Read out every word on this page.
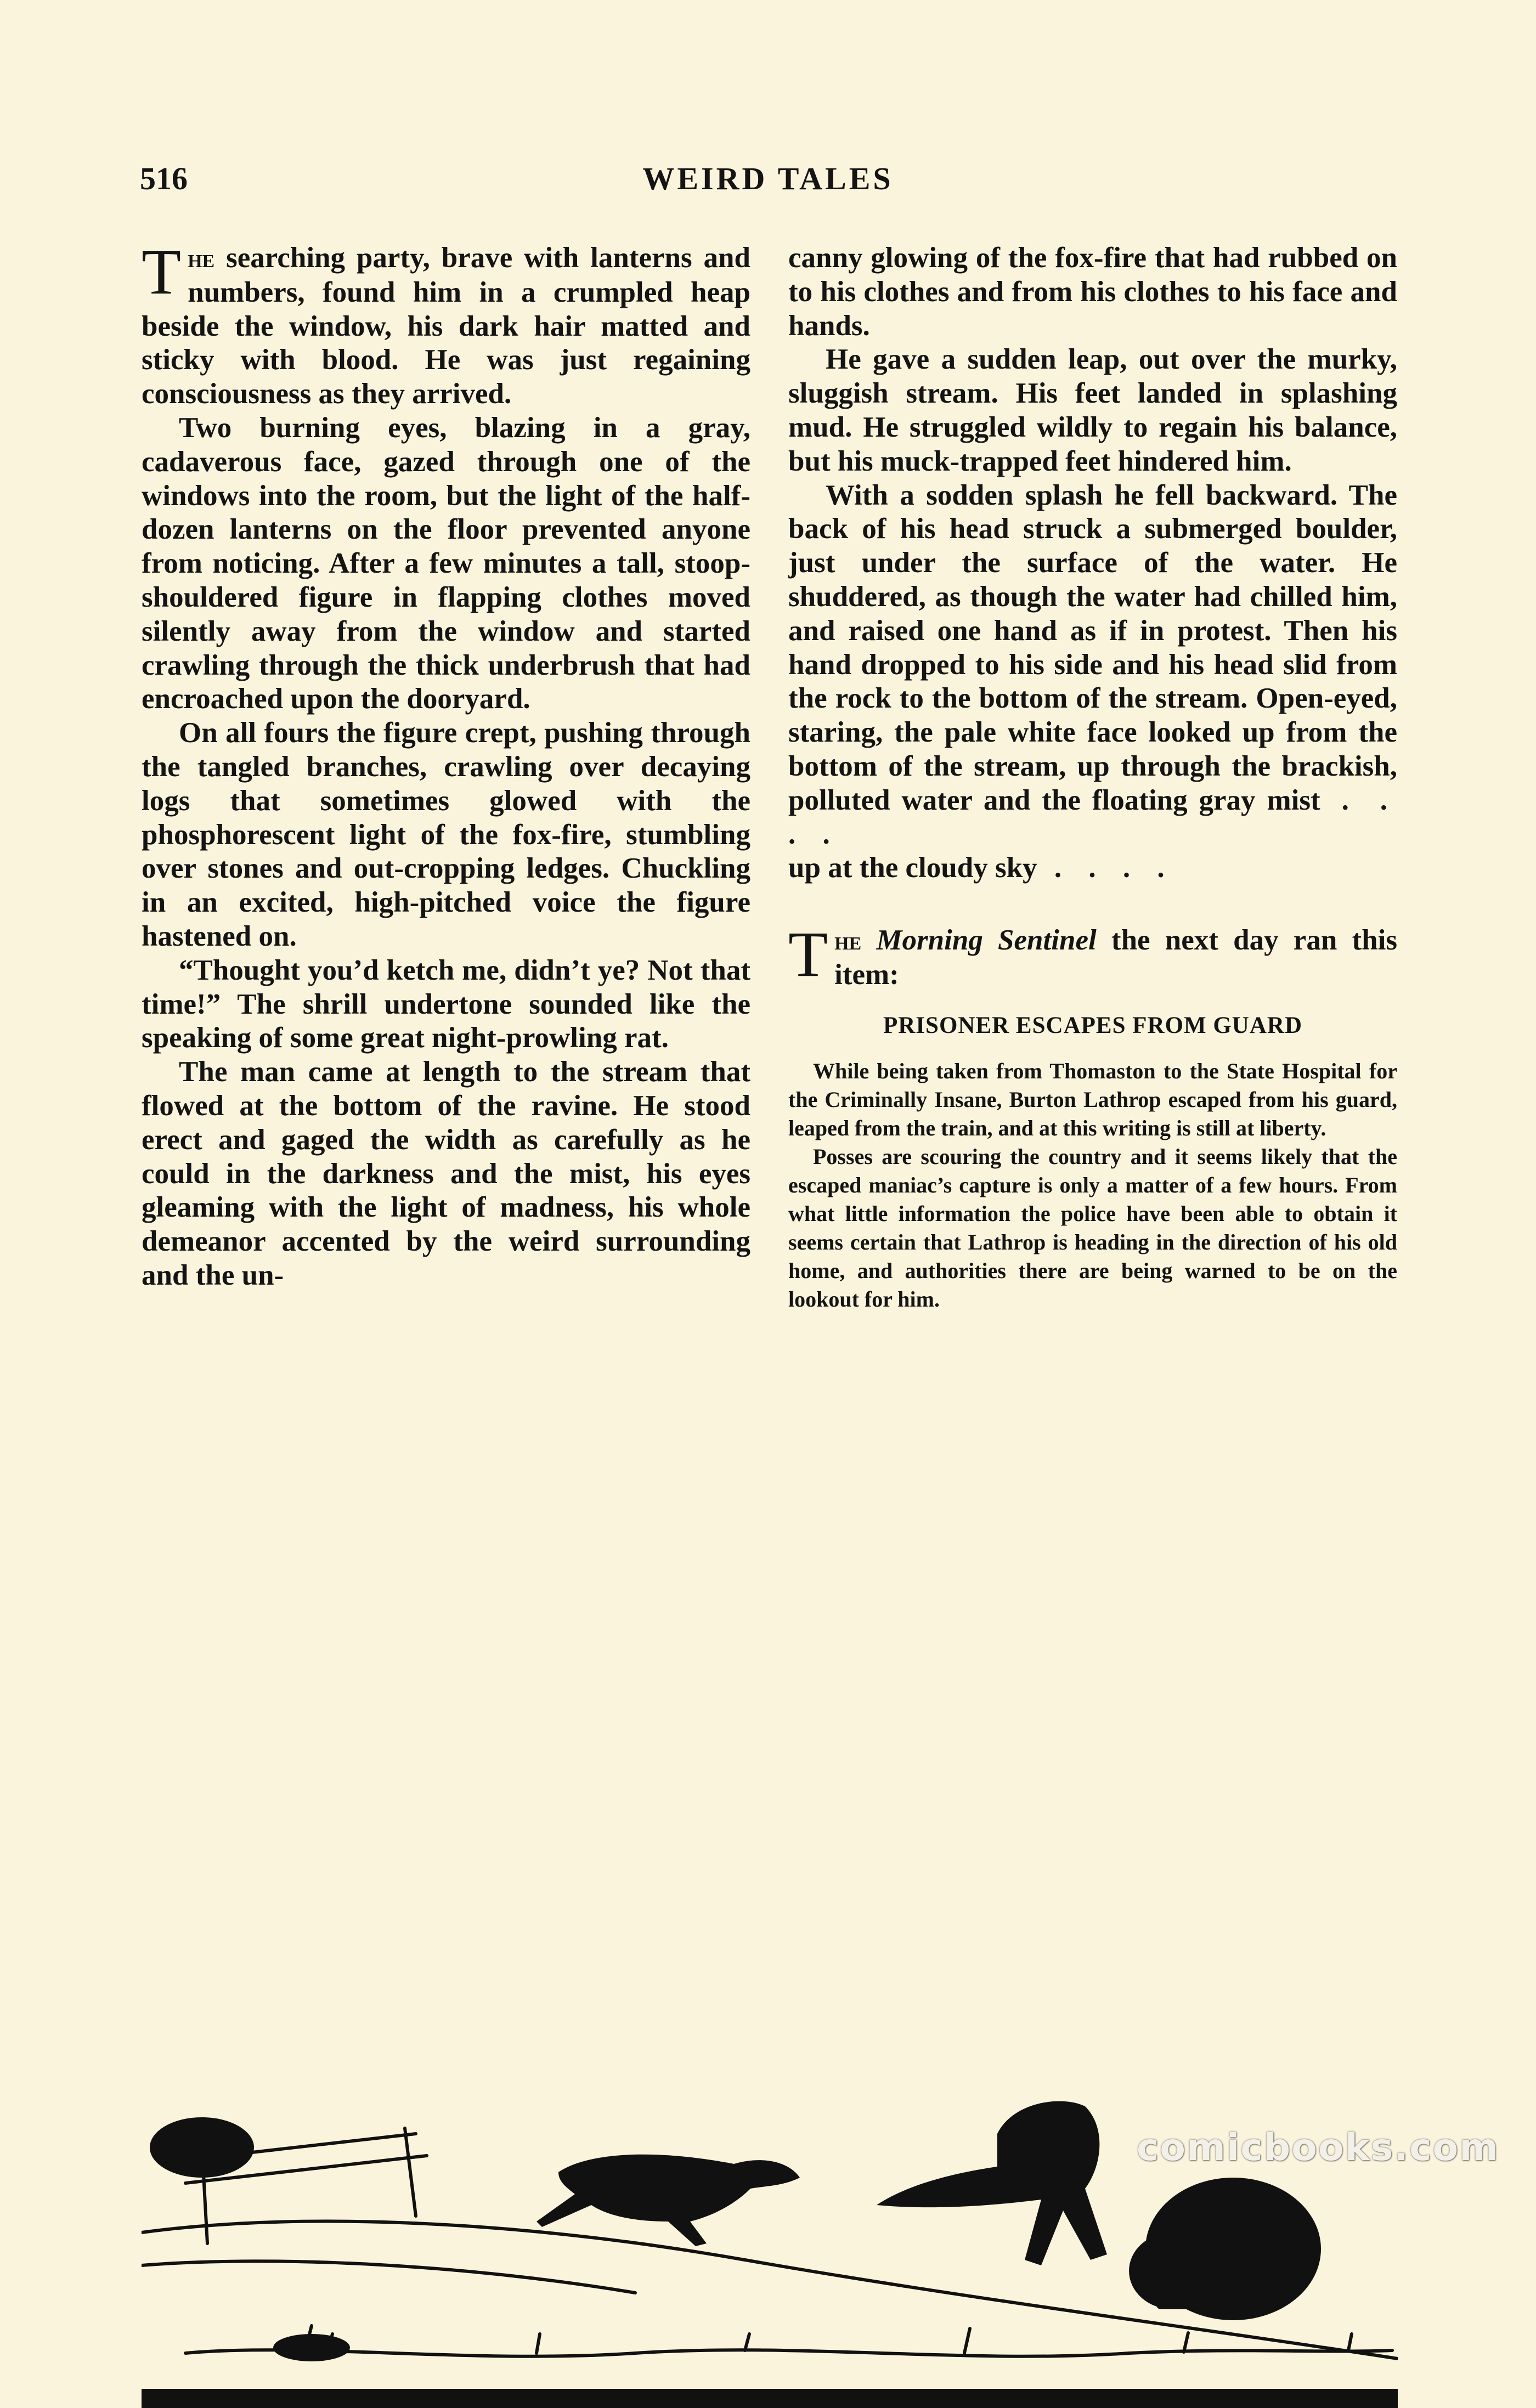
516	WEIRD TALES

The searching party, brave with lanterns and numbers, found him in a crumpled heap beside the window, his dark hair matted and sticky with blood. He was just regaining consciousness as they arrived.

Two burning eyes, blazing in a gray, cadaverous face, gazed through one of the windows into the room, but the light of the half-dozen lanterns on the floor prevented anyone from noticing. After a few minutes a tall, stoop-shouldered figure in flapping clothes moved silently away from the window and started crawling through the thick underbrush that had encroached upon the dooryard.

On all fours the figure crept, pushing through the tangled branches, crawling over decaying logs that sometimes glowed with the phosphorescent light of the fox-fire, stumbling over stones and out-cropping ledges. Chuckling in an excited, high-pitched voice the figure hastened on.

“Thought you’d ketch me, didn’t ye? Not that time!” The shrill undertone sounded like the speaking of some great night-prowling rat.

The man came at length to the stream that flowed at the bottom of the ravine. He stood erect and gaged the width as carefully as he could in the darkness and the mist, his eyes gleaming with the light of madness, his whole demeanor accented by the weird surrounding and the un-

canny glowing of the fox-fire that had rubbed on to his clothes and from his clothes to his face and hands.

He gave a sudden leap, out over the murky, sluggish stream. His feet landed in splashing mud. He struggled wildly to regain his balance, but his muck-trapped feet hindered him.

With a sodden splash he fell backward. The back of his head struck a submerged boulder, just under the surface of the water. He shuddered, as though the water had chilled him, and raised one hand as if in protest. Then his hand dropped to his side and his head slid from the rock to the bottom of the stream. Open-eyed, staring, the pale white face looked up from the bottom of the stream, up through the brackish, polluted water and the floating gray mist . . . .

up at the cloudy sky . . . .

The Morning Sentinel the next day ran this item:

PRISONER ESCAPES FROM GUARD

While being taken from Thomaston to the State Hospital for the Criminally Insane, Burton Lathrop escaped from his guard, leaped from the train, and at this writing is still at liberty.

Posses are scouring the country and it seems likely that the escaped maniac’s capture is only a matter of a few hours. From what little information the police have been able to obtain it seems certain that Lathrop is heading in the direction of his old home, and authorities there are being warned to be on the lookout for him.

comicbooks.com
